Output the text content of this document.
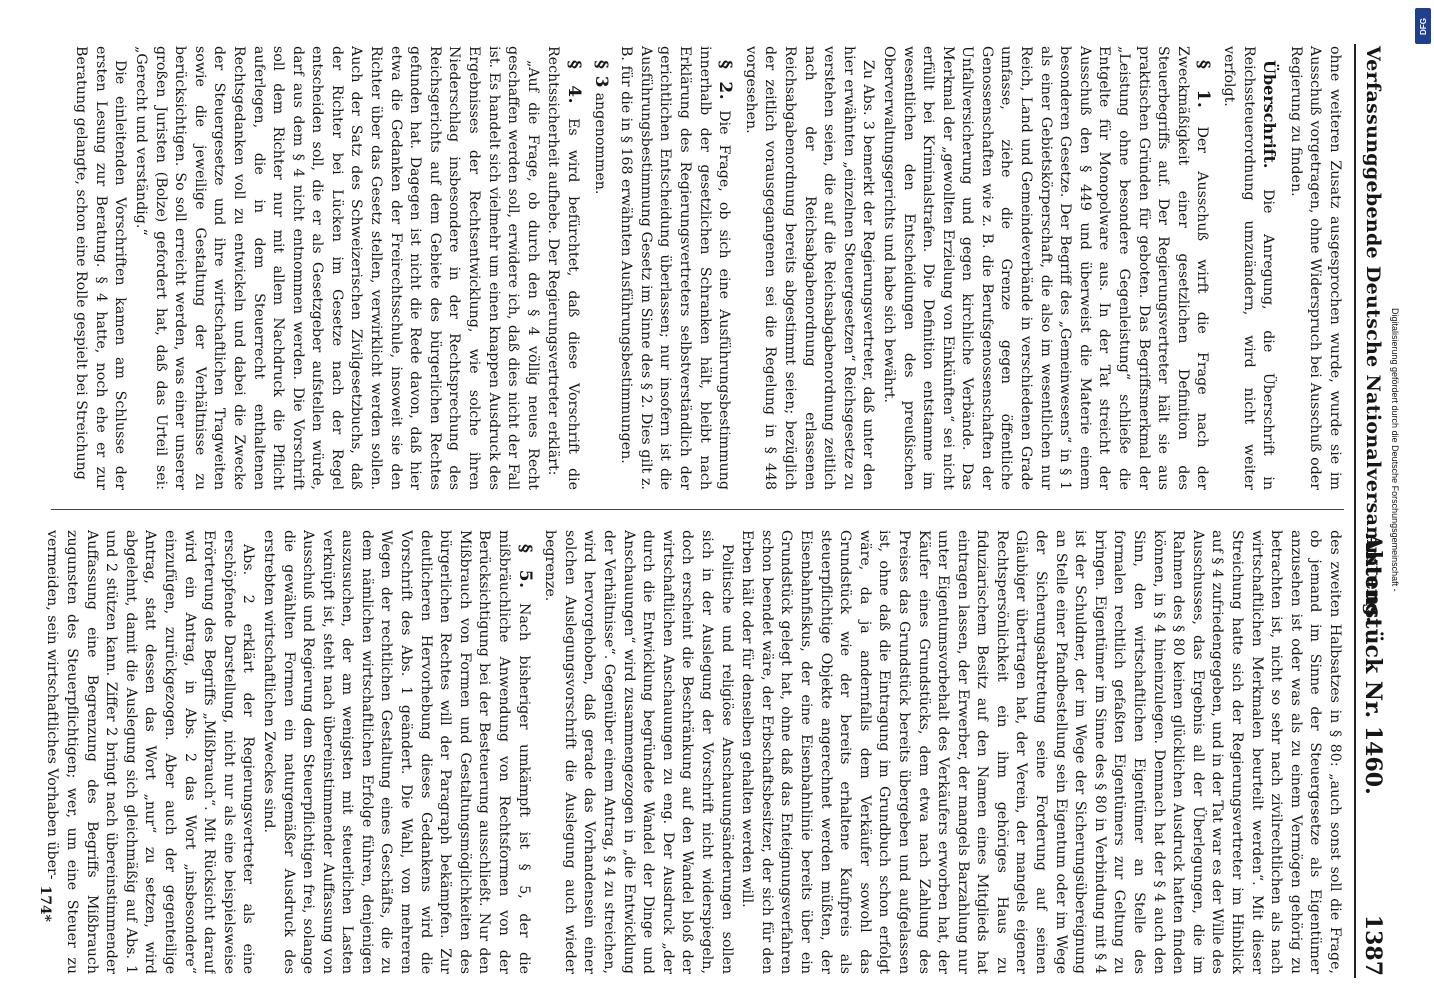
DFG
Digitalisierung gefördert durch die Deutsche Forschungsgemeinschaft -
Verfassunggebende Deutsche Nationalversammlung.
Aktenstück Nr. 1460.
1387

ohne weiteren Zusatz ausgesprochen wurde, wurde sie im Ausschuß vorgetragen, ohne Widerspruch bei Ausschuß oder Regierung zu finden.

Überschrift. Die Anregung, die Überschrift in Reichssteuerordnung umzuändern, wird nicht weiter verfolgt.

§ 1. Der Ausschuß wirft die Frage nach der Zweckmäßigkeit einer gesetzlichen Definition des Steuerbegriffs auf. Der Regierungsvertreter hält sie aus praktischen Gründen für geboten. Das Begriffsmerkmal der „Leistung ohne besondere Gegenleistung“ schließe die Entgelte für Monopolware aus. In der Tat streicht der Ausschuß den § 449 und überweist die Materie einem besonderen Gesetze. Der Begriff des „Gemeinwesens“ in § 1 als einer Gebietskörperschaft, die also im wesentlichen nur Reich, Land und Gemeindeverbände in verschiedenen Grade umfasse, ziehe die Grenze gegen öffentliche Genossenschaften wie z. B. die Berufsgenossenschaften der Unfallversicherung und gegen kirchliche Verbände. Das Merkmal der „gewollten Erzielung von Einkünften“ sei nicht erfüllt bei Kriminalstrafen. Die Definition entstamme im wesentlichen den Entscheidungen des preußischen Oberverwaltungsgerichts und habe sich bewährt.

Zu Abs. 3 bemerkt der Regierungsvertreter, daß unter den hier erwähnten „einzelnen Steuergesetzen“ Reichsgesetze zu verstehen seien, die auf die Reichsabgabenordnung zeitlich nach der Reichsabgabenordnung erlassenen Reichsabgabenordnung bereits abgestimmt seien; bezüglich der zeitlich vorausgegangenen sei die Regelung in § 448 vorgesehen.

§ 2. Die Frage, ob sich eine Ausführungsbestimmung innerhalb der gesetzlichen Schranken hält, bleibt nach Erklärung des Regierungsvertreters selbstverständlich der gerichtlichen Entscheidung überlassen; nur insofern ist die Ausführungsbestimmung Gesetz im Sinne des § 2. Dies gilt z. B. für die in § 168 erwähnten Ausführungsbestimmungen.

§ 3 angenommen.

§ 4. Es wird befürchtet, daß diese Vorschrift die Rechtssicherheit aufhebe. Der Regierungsvertreter erklärt:

„Auf die Frage, ob durch den § 4 völlig neues Recht geschaffen werden soll, erwidere ich, daß dies nicht der Fall ist. Es handelt sich vielmehr um einen knappen Ausdruck des Ergebnisses der Rechtsentwicklung, wie solche ihren Niederschlag insbesondere in der Rechtsprechung des Reichsgerichts auf dem Gebiete des bürgerlichen Rechtes gefunden hat. Dagegen ist nicht die Rede davon, daß hier etwa die Gedanken der Freirechtsschule, insoweit sie den Richter über das Gesetz stellen, verwirklicht werden sollen. Auch der Satz des Schweizerischen Zivilgesetzbuchs, daß der Richter bei Lücken im Gesetze nach der Regel entscheiden soll, die er als Gesetzgeber aufstellen würde, darf aus dem § 4 nicht entnommen werden. Die Vorschrift soll dem Richter nur mit allem Nachdruck die Pflicht auferlegen, die in dem Steuerrecht enthaltenen Rechtsgedanken voll zu entwickeln und dabei die Zwecke der Steuergesetze und ihre wirtschaftlichen Tragweiten sowie die jeweilige Gestaltung der Verhältnisse zu berücksichtigen. So soll erreicht werden, was einer unserer großen Juristen (Bolze) gefordert hat, daß das Urteil sei: „Gerecht und verständig.“

Die einleitenden Vorschriften kamen am Schlusse der ersten Lesung zur Beratung. § 4 hatte, noch ehe er zur Beratung gelangte, schon eine Rolle gespielt bei Streichung

des zweiten Halbsatzes in § 80: „auch sonst soll die Frage, ob jemand im Sinne der Steuergesetze als Eigentümer anzusehen ist oder was als zu einem Vermögen gehörig zu betrachten ist, nicht so sehr nach zivilrechtlichen als nach wirtschaftlichen Merkmalen beurteilt werden“. Mit dieser Streichung hatte sich der Regierungsvertreter im Hinblick auf § 4 zufriedengegeben, und in der Tat war es der Wille des Ausschusses, das Ergebnis all der Überlegungen, die im Rahmen des § 80 keinen glücklichen Ausdruck hatten finden können, in § 4 hineinzulegen. Demnach hat der § 4 auch den Sinn, den wirtschaftlichen Eigentümer an Stelle des formalen rechtlich gefaßten Eigentümers zur Geltung zu bringen. Eigentümer im Sinne des § 80 in Verbindung mit § 4 ist der Schuldner, der im Wege der Sicherungsübereignung an Stelle einer Pfandbestellung sein Eigentum oder im Wege der Sicherungsabtretung seine Forderung auf seinen Gläubiger übertragen hat, der Verein, der mangels eigener Rechtspersönlichkeit ein ihm gehöriges Haus zu fiduziarischem Besitz auf den Namen eines Mitglieds hat eintragen lassen, der Erwerber, der mangels Barzahlung nur unter Eigentumsvorbehalt des Verkäufers erworben hat, der Käufer eines Grundstücks, dem etwa nach Zahlung des Preises das Grundstück bereits übergeben und aufgelassen ist, ohne daß die Eintragung im Grundbuch schon erfolgt wäre, da ja andernfalls dem Verkäufer sowohl das Grundstück wie der bereits erhaltene Kaufpreis als steuerpflichtige Objekte angerechnet werden müßten, der Eisenbahnfiskus, der eine Eisenbahnlinie bereits über ein Grundstück gelegt hat, ohne daß das Enteignungsverfahren schon beendet wäre, der Erbschaftsbesitzer, der sich für den Erben hält oder für denselben gehalten werden will.

Politische und religiöse Anschauungsänderungen sollen sich in der Auslegung der Vorschrift nicht widerspiegeln, doch erscheint die Beschränkung auf den Wandel bloß der wirtschaftlichen Anschauungen zu eng. Der Ausdruck „der durch die Entwicklung begründete Wandel der Dinge und Anschauungen“ wird zusammengezogen in „die Entwicklung der Verhältnisse“. Gegenüber einem Antrag, § 4 zu streichen, wird hervorgehoben, daß gerade das Vorhandensein einer solchen Auslegungsvorschrift die Auslegung auch wieder begrenze.

§ 5. Nach bisheriger umkämpft ist § 5, der die mißbräuchliche Anwendung von Rechtsformen von der Berücksichtigung bei der Besteuerung ausschließt. Nur den Mißbrauch von Formen und Gestaltungsmöglichkeiten des bürgerlichen Rechtes will der Paragraph bekämpfen. Zur deutlicheren Hervorhebung dieses Gedankens wird die Vorschrift des Abs. 1 geändert. Die Wahl, von mehreren Wegen der rechtlichen Gestaltung eines Geschäfts, die zu dem nämlichen wirtschaftlichen Erfolge führen, denjenigen auszusuchen, der am wenigsten mit steuerlichen Lasten verknüpft ist, steht nach übereinstimmender Auffassung von Ausschuß und Regierung dem Steuerpflichtigen frei, solange die gewählten Formen ein naturgemäßer Ausdruck des erstrebten wirtschaftlichen Zweckes sind.

Abs. 2 erklärt der Regierungsvertreter als eine erschöpfende Darstellung, nicht nur als eine beispielsweise Erörterung des Begriffs „Mißbrauch“. Mit Rücksicht darauf wird ein Antrag, in Abs. 2 das Wort „insbesondere“ einzufügen, zurückgezogen. Aber auch der gegenteilige Antrag, statt dessen das Wort „nur“ zu setzen, wird abgelehnt, damit die Auslegung sich gleichmäßig auf Abs. 1 und 2 stützen kann. Ziffer 2 bringt nach übereinstimmender Auffassung eine Begrenzung des Begriffs Mißbrauch zugunsten des Steuerpflichtigen; wer, um eine Steuer zu vermeiden, sein wirtschaftliches Vorhaben über-

174*
